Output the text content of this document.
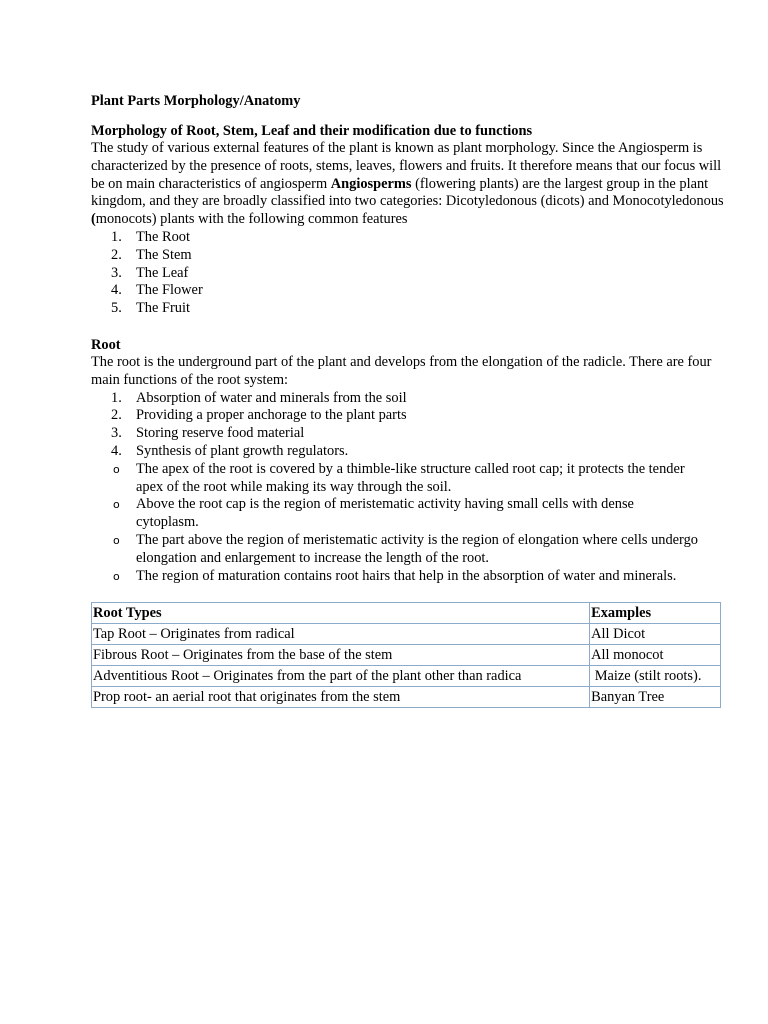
Plant Parts Morphology/Anatomy
Morphology of Root, Stem, Leaf and their modification due to functions

The study of various external features of the plant is known as plant morphology. Since the Angiosperm is characterized by the presence of roots, stems, leaves, flowers and fruits. It therefore means that our focus will be on main characteristics of angiosperm Angiosperms (flowering plants) are the largest group in the plant kingdom, and they are broadly classified into two categories: Dicotyledonous (dicots) and Monocotyledonous (monocots) plants with the following common features

1. The Root
2. The Stem
3. The Leaf
4. The Flower
5. The Fruit
Root

The root is the underground part of the plant and develops from the elongation of the radicle. There are four main functions of the root system:

1. Absorption of water and minerals from the soil
2. Providing a proper anchorage to the plant parts
3. Storing reserve food material
4. Synthesis of plant growth regulators.
o The apex of the root is covered by a thimble-like structure called root cap; it protects the tender apex of the root while making its way through the soil.
o Above the root cap is the region of meristematic activity having small cells with dense cytoplasm.
o The part above the region of meristematic activity is the region of elongation where cells undergo elongation and enlargement to increase the length of the root.
o The region of maturation contains root hairs that help in the absorption of water and minerals.
Root Types	Examples
Tap Root – Originates from radical	All Dicot
Fibrous Root – Originates from the base of the stem	All monocot
Adventitious Root – Originates from the part of the plant other than radica	Maize (stilt roots).
Prop root- an aerial root that originates from the stem	Banyan Tree
